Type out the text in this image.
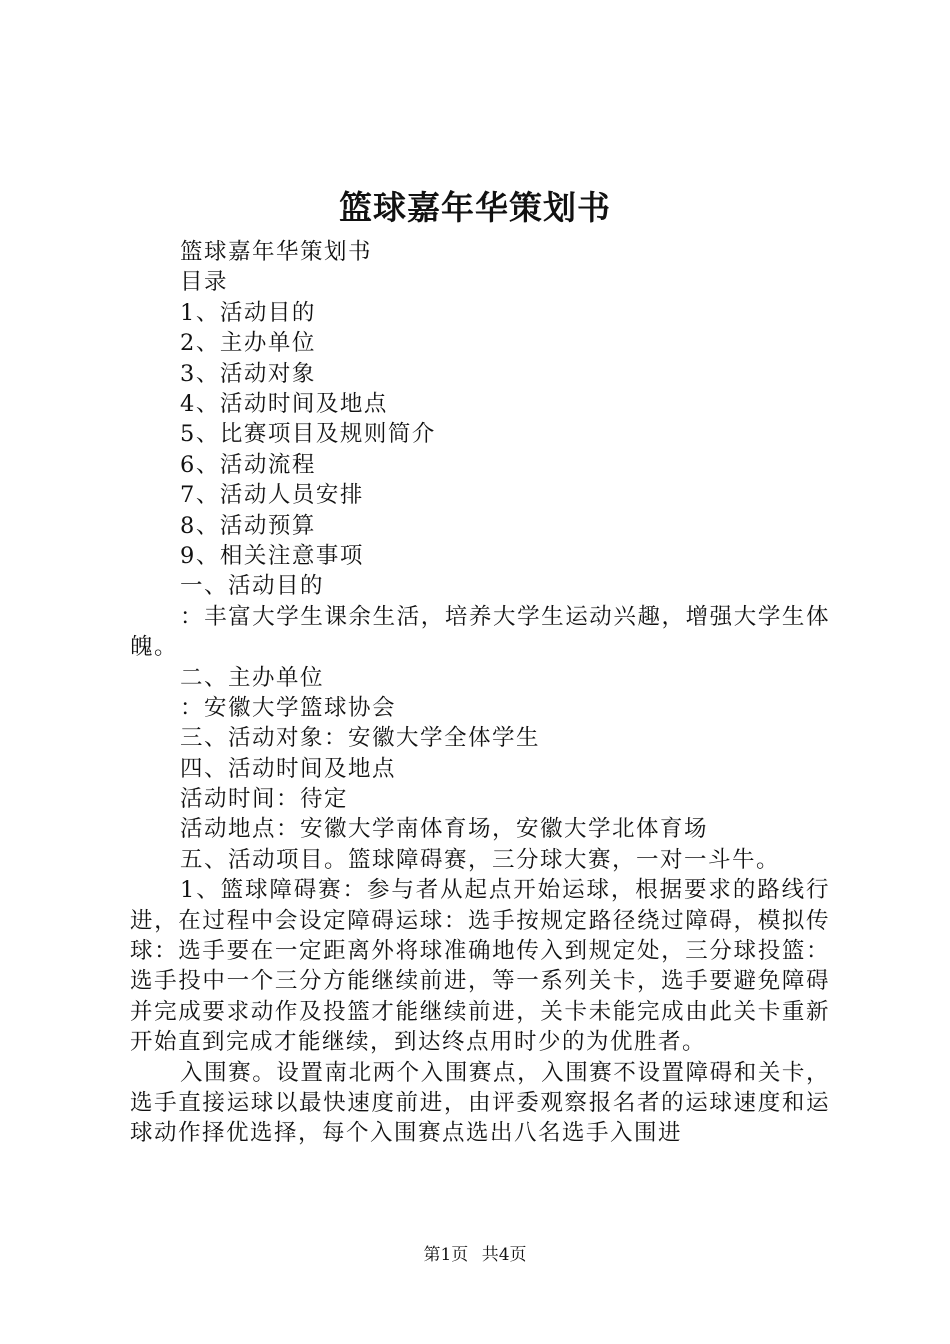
篮球嘉年华策划书
篮球嘉年华策划书
目录
1、活动目的
2、主办单位
3、活动对象
4、活动时间及地点
5、比赛项目及规则简介
6、活动流程
7、活动人员安排
8、活动预算
9、相关注意事项
一、活动目的

：丰富大学生课余生活，培养大学生运动兴趣，增强大学生体魄。

二、主办单位
：安徽大学篮球协会
三、活动对象：安徽大学全体学生
四、活动时间及地点
活动时间：待定
活动地点：安徽大学南体育场，安徽大学北体育场
五、活动项目。篮球障碍赛，三分球大赛，一对一斗牛。

1、篮球障碍赛：参与者从起点开始运球，根据要求的路线行进，在过程中会设定障碍运球：选手按规定路径绕过障碍，模拟传球：选手要在一定距离外将球准确地传入到规定处，三分球投篮：选手投中一个三分方能继续前进，等一系列关卡，选手要避免障碍并完成要求动作及投篮才能继续前进，关卡未能完成由此关卡重新开始直到完成才能继续，到达终点用时少的为优胜者。

入围赛。设置南北两个入围赛点，入围赛不设置障碍和关卡，选手直接运球以最快速度前进，由评委观察报名者的运球速度和运球动作择优选择，每个入围赛点选出八名选手入围进

第1页 共4页
